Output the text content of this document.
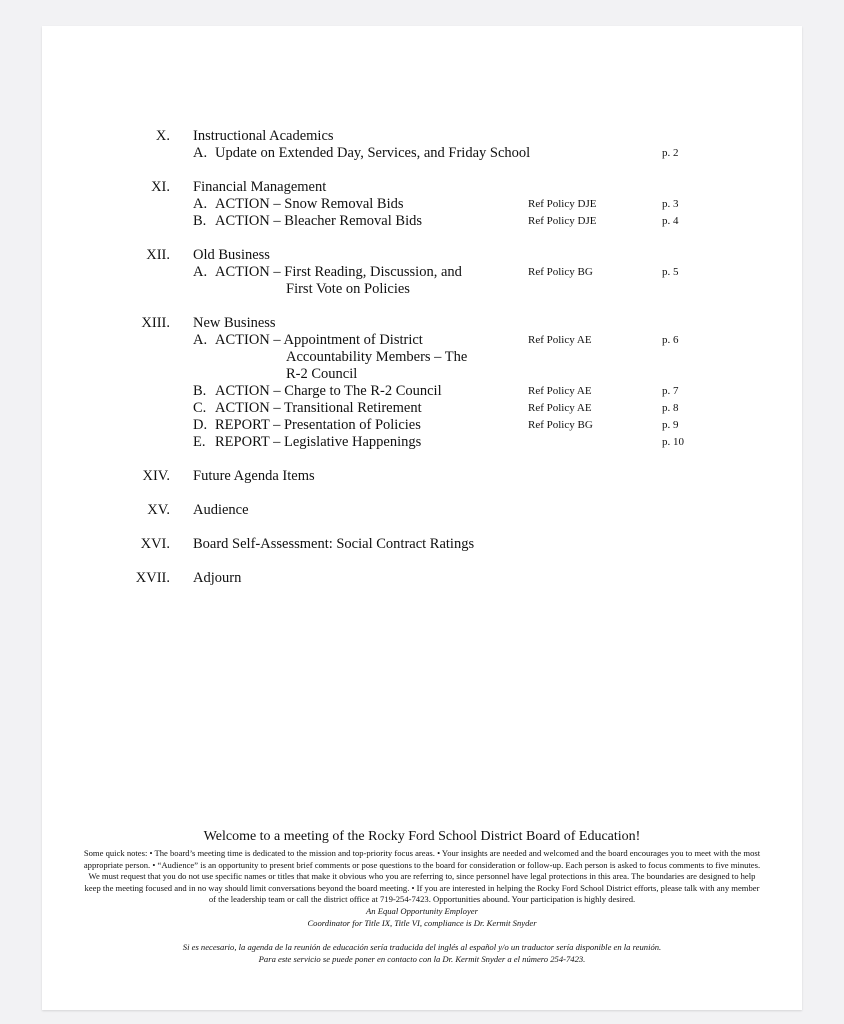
X. Instructional Academics
A. Update on Extended Day, Services, and Friday School	p. 2
XI. Financial Management
A. ACTION – Snow Removal Bids	Ref Policy DJE	p. 3
B. ACTION – Bleacher Removal Bids	Ref Policy DJE	p. 4
XII. Old Business
A. ACTION – First Reading, Discussion, and	Ref Policy BG	p. 5
First Vote on Policies
XIII. New Business
A. ACTION – Appointment of District	Ref Policy AE	p. 6
Accountability Members – The
R-2 Council
B. ACTION – Charge to The R-2 Council	Ref Policy AE	p. 7
C. ACTION – Transitional Retirement	Ref Policy AE	p. 8
D. REPORT – Presentation of Policies	Ref Policy BG	p. 9
E. REPORT – Legislative Happenings	p. 10
XIV. Future Agenda Items
XV. Audience
XVI. Board Self-Assessment: Social Contract Ratings
XVII. Adjourn
Welcome to a meeting of the Rocky Ford School District Board of Education!
Some quick notes: • The board’s meeting time is dedicated to the mission and top-priority focus areas. • Your insights are needed and welcomed and the board encourages you to meet with the most appropriate person. • “Audience” is an opportunity to present brief comments or pose questions to the board for consideration or follow-up. Each person is asked to focus comments to five minutes. We must request that you do not use specific names or titles that make it obvious who you are referring to, since personnel have legal protections in this area. The boundaries are designed to help keep the meeting focused and in no way should limit conversations beyond the board meeting. • If you are interested in helping the Rocky Ford School District efforts, please talk with any member of the leadership team or call the district office at 719-254-7423. Opportunities abound. Your participation is highly desired.
An Equal Opportunity Employer
Coordinator for Title IX, Title VI, compliance is Dr. Kermit Snyder
Si es necesario, la agenda de la reunión de educación sería traducida del inglés al español y/o un traductor sería disponible en la reunión.
Para este servicio se puede poner en contacto con la Dr. Kermit Snyder a el número 254-7423.
